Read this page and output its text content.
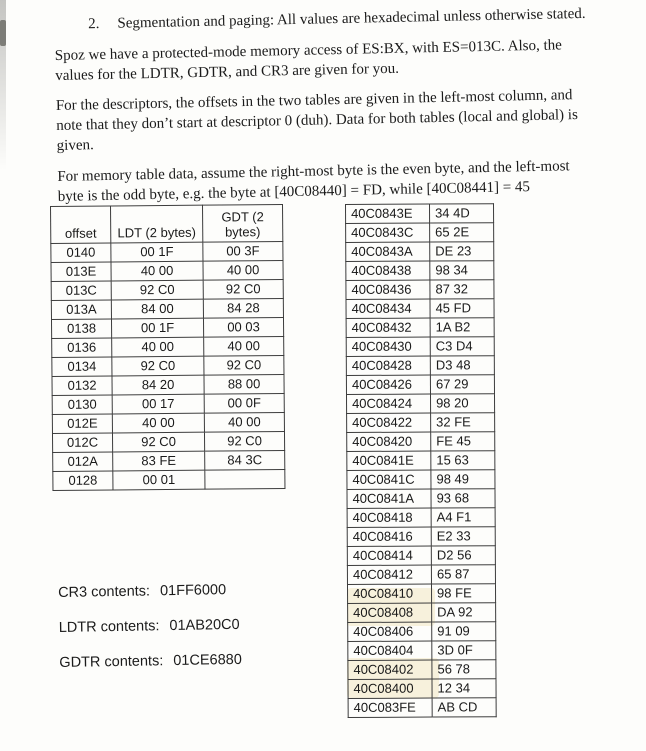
2. Segmentation and paging: All values are hexadecimal unless otherwise stated.

Spoz we have a protected-mode memory access of ES:BX, with ES=013C. Also, the values for the LDTR, GDTR, and CR3 are given for you.

For the descriptors, the offsets in the two tables are given in the left-most column, and note that they don’t start at descriptor 0 (duh). Data for both tables (local and global) is given.

For memory table data, assume the right-most byte is the even byte, and the left-most byte is the odd byte, e.g. the byte at [40C08440] = FD, while [40C08441] = 45

offset	LDT (2 bytes)	GDT (2 bytes)
0140	00 1F	00 3F
013E	40 00	40 00
013C	92 C0	92 C0
013A	84 00	84 28
0138	00 1F	00 03
0136	40 00	40 00
0134	92 C0	92 C0
0132	84 20	88 00
0130	00 17	00 0F
012E	40 00	40 00
012C	92 C0	92 C0
012A	83 FE	84 3C
0128	00 01	
40C0843E	34 4D
40C0843C	65 2E
40C0843A	DE 23
40C08438	98 34
40C08436	87 32
40C08434	45 FD
40C08432	1A B2
40C08430	C3 D4
40C08428	D3 48
40C08426	67 29
40C08424	98 20
40C08422	32 FE
40C08420	FE 45
40C0841E	15 63
40C0841C	98 49
40C0841A	93 68
40C08418	A4 F1
40C08416	E2 33
40C08414	D2 56
40C08412	65 87
40C08410	98 FE
40C08408	DA 92
40C08406	91 09
40C08404	3D 0F
40C08402	56 78
40C08400	12 34
40C083FE	AB CD
CR3 contents: 01FF6000
LDTR contents: 01AB20C0
GDTR contents: 01CE6880
